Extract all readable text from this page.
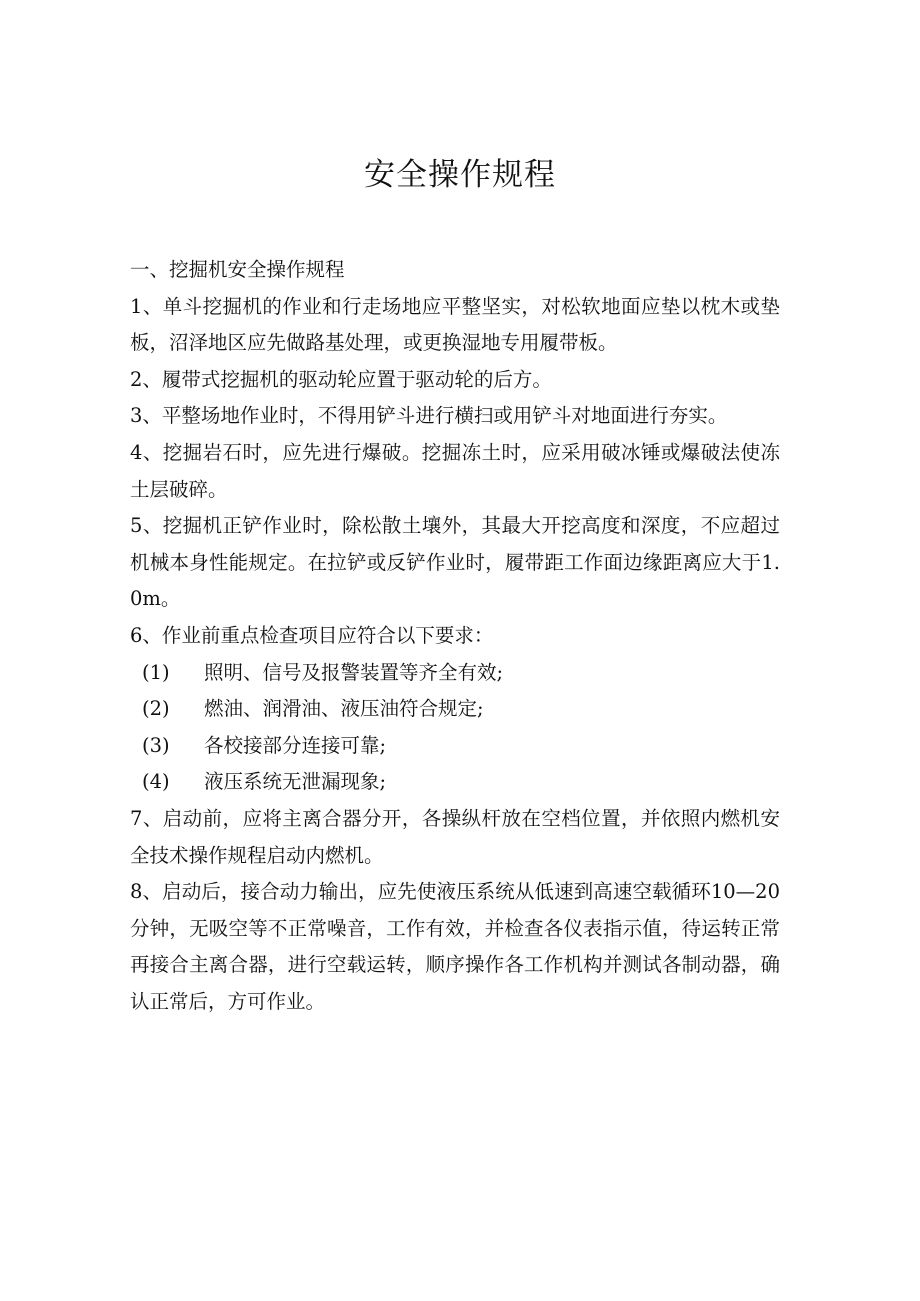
安全操作规程

一、挖掘机安全操作规程

1、单斗挖掘机的作业和行走场地应平整坚实，对松软地面应垫以枕木或垫板，沼泽地区应先做路基处理，或更换湿地专用履带板。

2、履带式挖掘机的驱动轮应置于驱动轮的后方。

3、平整场地作业时，不得用铲斗进行横扫或用铲斗对地面进行夯实。

4、挖掘岩石时，应先进行爆破。挖掘冻土时，应采用破冰锤或爆破法使冻土层破碎。

5、挖掘机正铲作业时，除松散土壤外，其最大开挖高度和深度，不应超过机械本身性能规定。在拉铲或反铲作业时，履带距工作面边缘距离应大于1.0m。

6、作业前重点检查项目应符合以下要求：

(1)	照明、信号及报警装置等齐全有效;
(2)	燃油、润滑油、液压油符合规定;
(3)	各校接部分连接可靠;
(4)	液压系统无泄漏现象;

7、启动前，应将主离合器分开，各操纵杆放在空档位置，并依照内燃机安全技术操作规程启动内燃机。

8、启动后，接合动力输出，应先使液压系统从低速到高速空载循环10—20分钟，无吸空等不正常噪音，工作有效，并检查各仪表指示值，待运转正常再接合主离合器，进行空载运转，顺序操作各工作机构并测试各制动器，确认正常后，方可作业。
